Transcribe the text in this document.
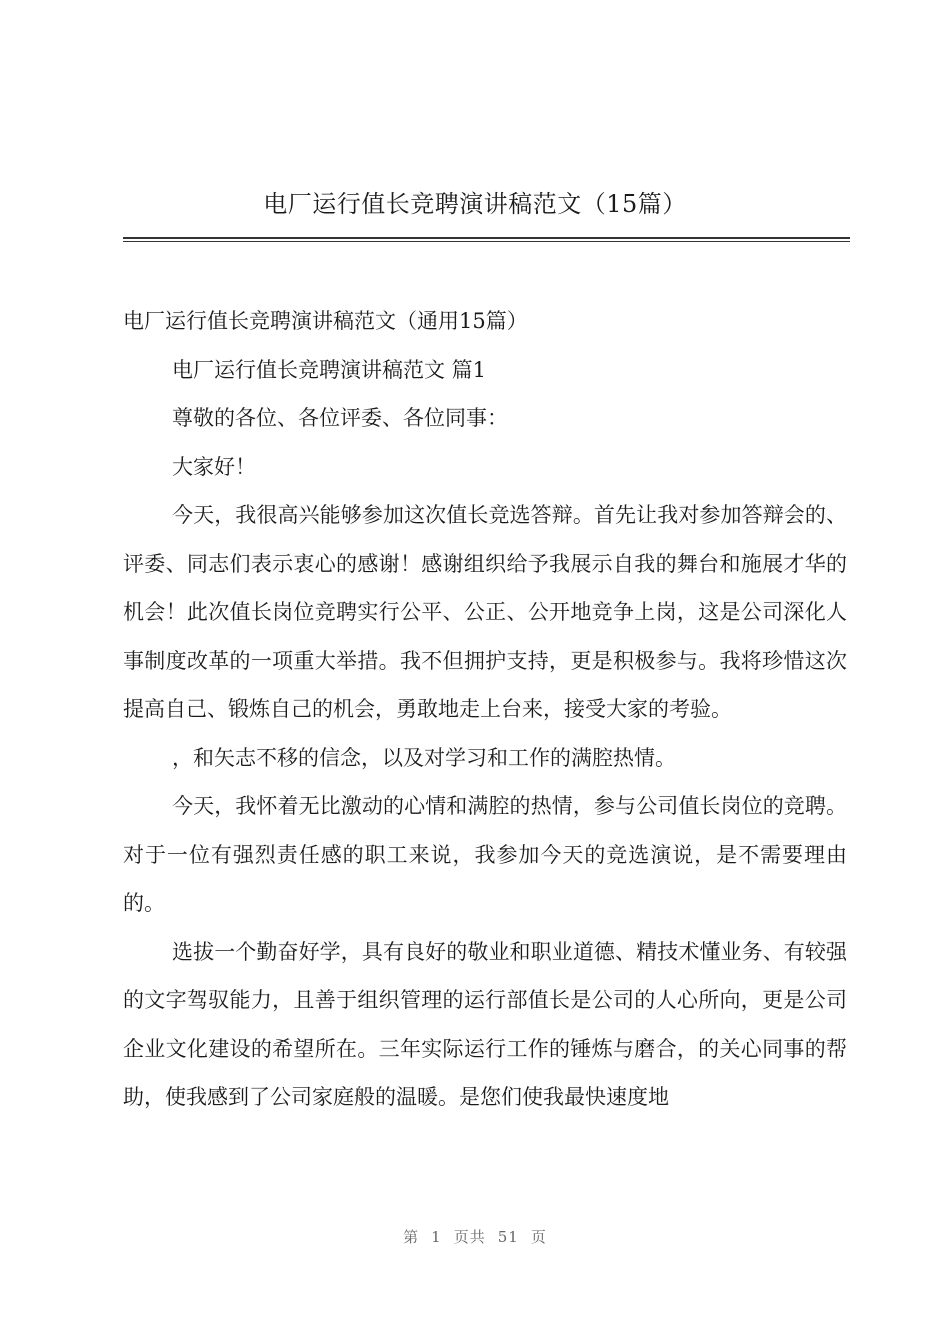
电厂运行值长竞聘演讲稿范文（15篇）

电厂运行值长竞聘演讲稿范文（通用15篇）

电厂运行值长竞聘演讲稿范文 篇1

尊敬的各位、各位评委、各位同事：

大家好！

今天，我很高兴能够参加这次值长竞选答辩。首先让我对参加答辩会的、评委、同志们表示衷心的感谢！感谢组织给予我展示自我的舞台和施展才华的机会！此次值长岗位竞聘实行公平、公正、公开地竞争上岗，这是公司深化人事制度改革的一项重大举措。我不但拥护支持，更是积极参与。我将珍惜这次提高自己、锻炼自己的机会，勇敢地走上台来，接受大家的考验。

，和矢志不移的信念，以及对学习和工作的满腔热情。

今天，我怀着无比激动的心情和满腔的热情，参与公司值长岗位的竞聘。对于一位有强烈责任感的职工来说，我参加今天的竞选演说，是不需要理由的。

选拔一个勤奋好学，具有良好的敬业和职业道德、精技术懂业务、有较强的文字驾驭能力，且善于组织管理的运行部值长是公司的人心所向，更是公司企业文化建设的希望所在。三年实际运行工作的锤炼与磨合，的关心同事的帮助，使我感到了公司家庭般的温暖。是您们使我最快速度地

第 1 页共 51 页
